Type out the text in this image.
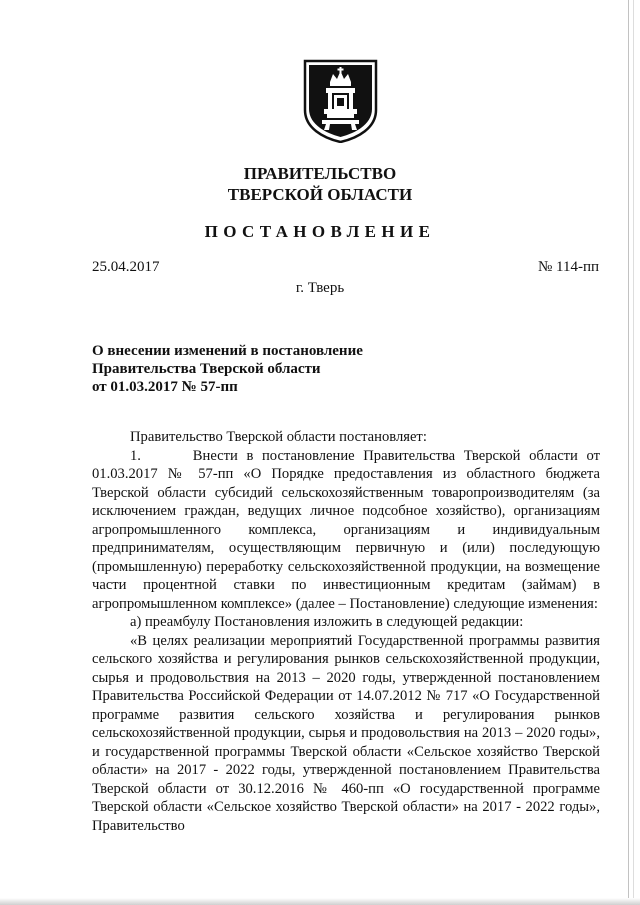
ПРАВИТЕЛЬСТВО
ТВЕРСКОЙ ОБЛАСТИ
ПОСТАНОВЛЕНИЕ
25.04.2017	№ 114-пп
г. Тверь
О внесении изменений в постановление
Правительства Тверской области
от 01.03.2017 № 57-пп

Правительство Тверской области постановляет:

1.      Внести в постановление Правительства Тверской области от 01.03.2017 № 57-пп «О Порядке предоставления из областного бюджета Тверской области субсидий сельскохозяйственным товаропроизводителям (за исключением граждан, ведущих личное подсобное хозяйство), организациям агропромышленного комплекса, организациям и индивидуальным предпринимателям, осуществляющим первичную и (или) последующую (промышленную) переработку сельскохозяйственной продукции, на возмещение части процентной ставки по инвестиционным кредитам (займам) в агропромышленном комплексе» (далее – Постановление) следующие изменения:

а) преамбулу Постановления изложить в следующей редакции:

«В целях реализации мероприятий Государственной программы развития сельского хозяйства и регулирования рынков сельскохозяйственной продукции, сырья и продовольствия на 2013 – 2020 годы, утвержденной постановлением Правительства Российской Федерации от 14.07.2012 № 717 «О Государственной программе развития сельского хозяйства и регулирования рынков сельскохозяйственной продукции, сырья и продовольствия на 2013 – 2020 годы», и государственной программы Тверской области «Сельское хозяйство Тверской области» на 2017 - 2022 годы, утвержденной постановлением Правительства Тверской области от 30.12.2016 № 460-пп «О государственной программе Тверской области «Сельское хозяйство Тверской области» на 2017 - 2022 годы», Правительство
